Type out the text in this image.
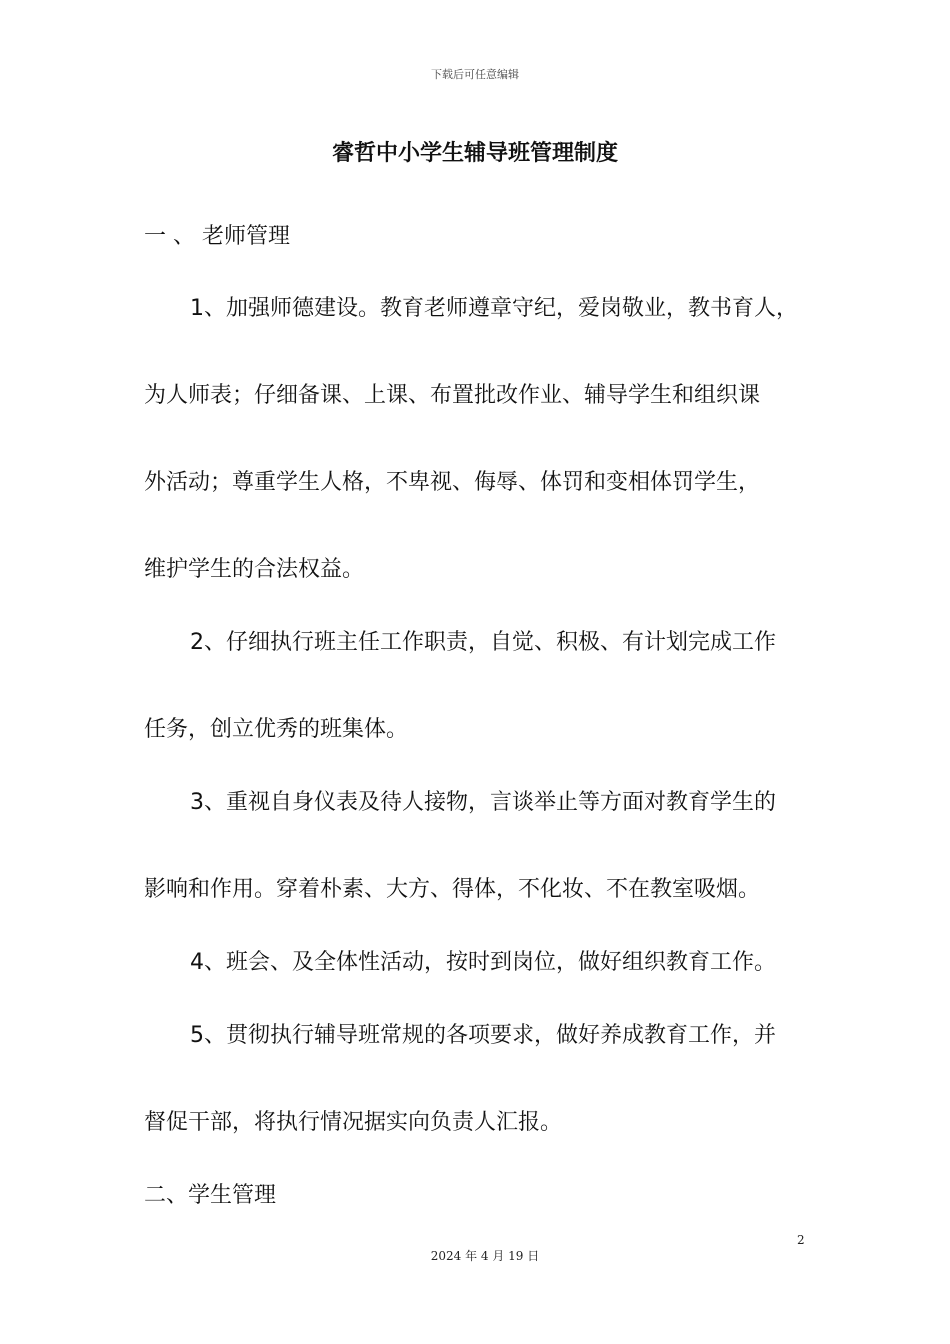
下载后可任意编辑
睿哲中小学生辅导班管理制度
一 、 老师管理
1、加强师德建设。教育老师遵章守纪，爱岗敬业，教书育人，
为人师表；仔细备课、上课、布置批改作业、辅导学生和组织课
外活动；尊重学生人格，不卑视、侮辱、体罚和变相体罚学生，
维护学生的合法权益。
2、仔细执行班主任工作职责，自觉、积极、有计划完成工作
任务，创立优秀的班集体。
3、重视自身仪表及待人接物，言谈举止等方面对教育学生的
影响和作用。穿着朴素、大方、得体，不化妆、不在教室吸烟。
4、班会、及全体性活动，按时到岗位，做好组织教育工作。
5、贯彻执行辅导班常规的各项要求，做好养成教育工作，并
督促干部，将执行情况据实向负责人汇报。
二、学生管理
2
2024 年 4 月 19 日
